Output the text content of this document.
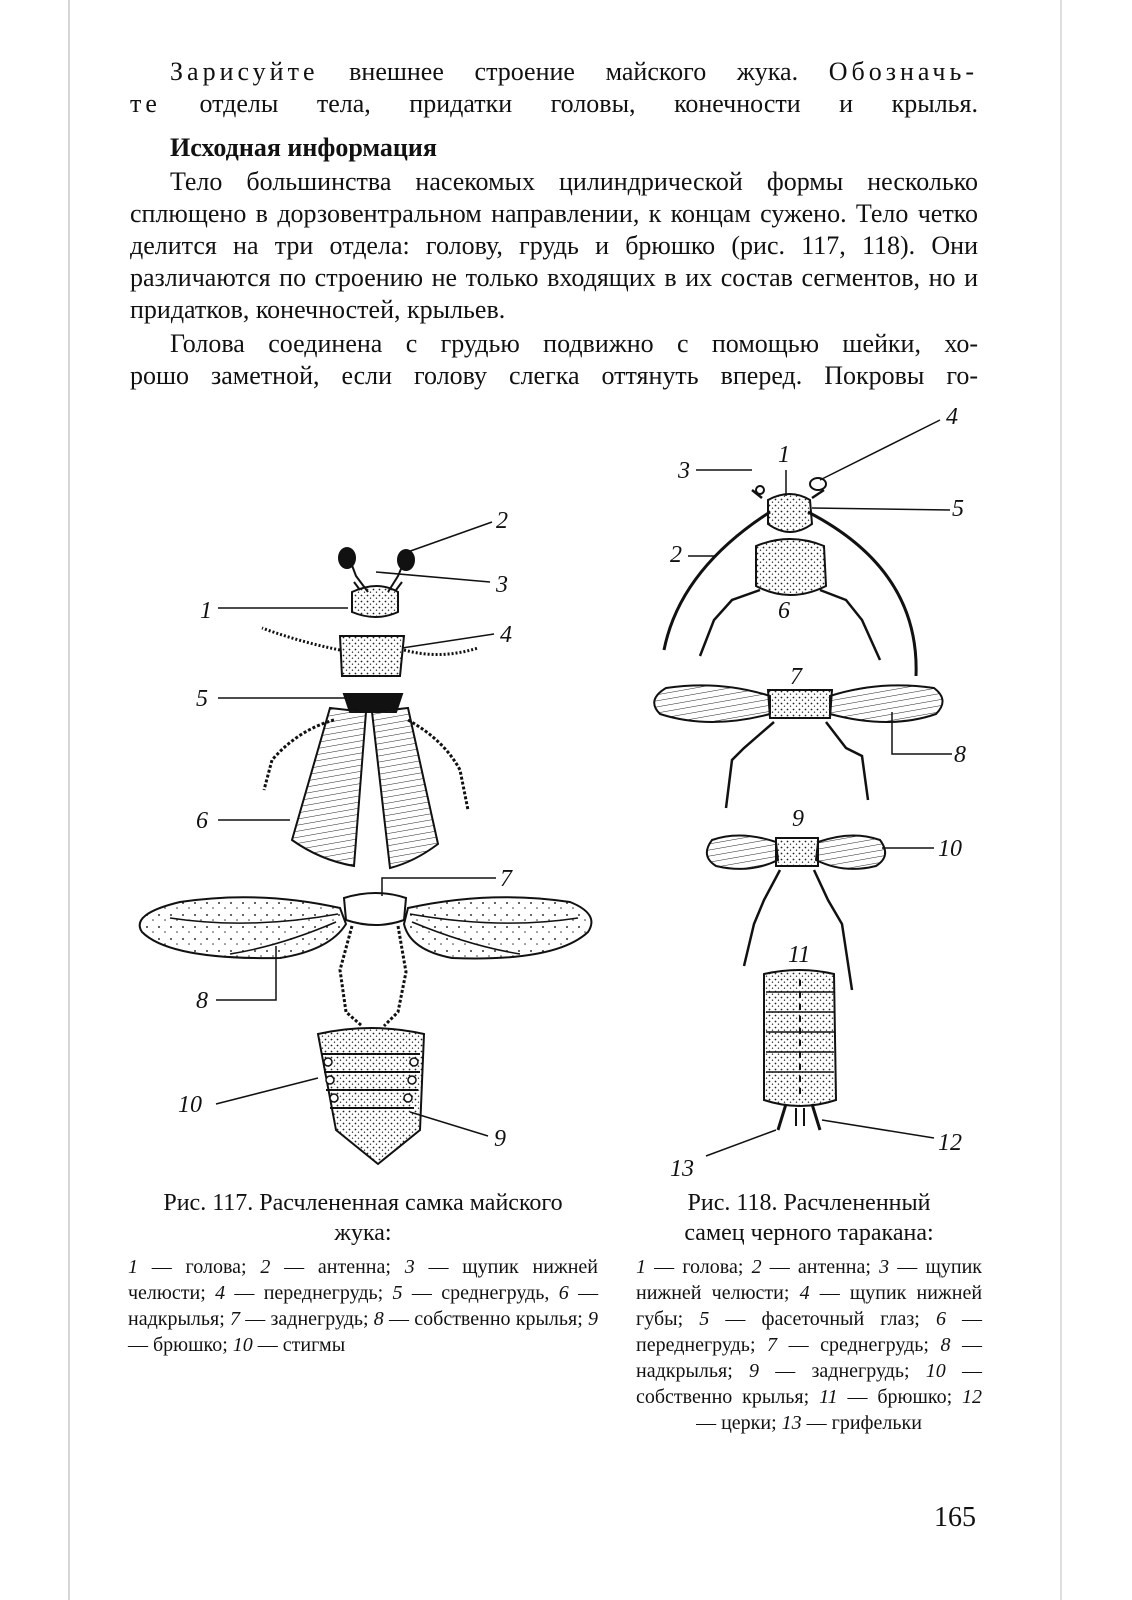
Зарисуйте внешнее строение майского жука. Обозначь-
те отделы тела, придатки головы, конечности и крылья.
Исходная информация

Тело большинства насекомых цилиндрической формы несколько сплющено в дорзовентральном направлении, к концам сужено. Тело четко делится на три отдела: голову, грудь и брюшко (рис. 117, 118). Они различаются по строению не только входящих в их состав сегментов, но и придатков, конечностей, крыльев.

Голова соединена с грудью подвижно с помощью шейки, хо-
рошо заметной, если голову слегка оттянуть вперед. Покровы го-
1
2
3
4
5
6
7
8
9
10
1
2
3
4
5
6
7
8
9
10
11
12
13
Рис. 117. Расчлененная самка майского
жука:
1 — голова; 2 — антенна; 3 — щупик нижней челюсти; 4 — переднегрудь; 5 — среднегрудь, 6 — надкрылья; 7 — заднегрудь; 8 — собственно крылья; 9 — брюшко; 10 — стигмы
Рис. 118. Расчлененный
самец черного таракана:
1 — голова; 2 — антенна; 3 — щупик нижней челюсти; 4 — щупик нижней губы; 5 — фасеточный глаз; 6 — переднегрудь; 7 — среднегрудь; 8 — надкрылья; 9 — заднегрудь; 10 — собственно крылья; 11 — брюшко; 12 — церки; 13 — грифельки
165
